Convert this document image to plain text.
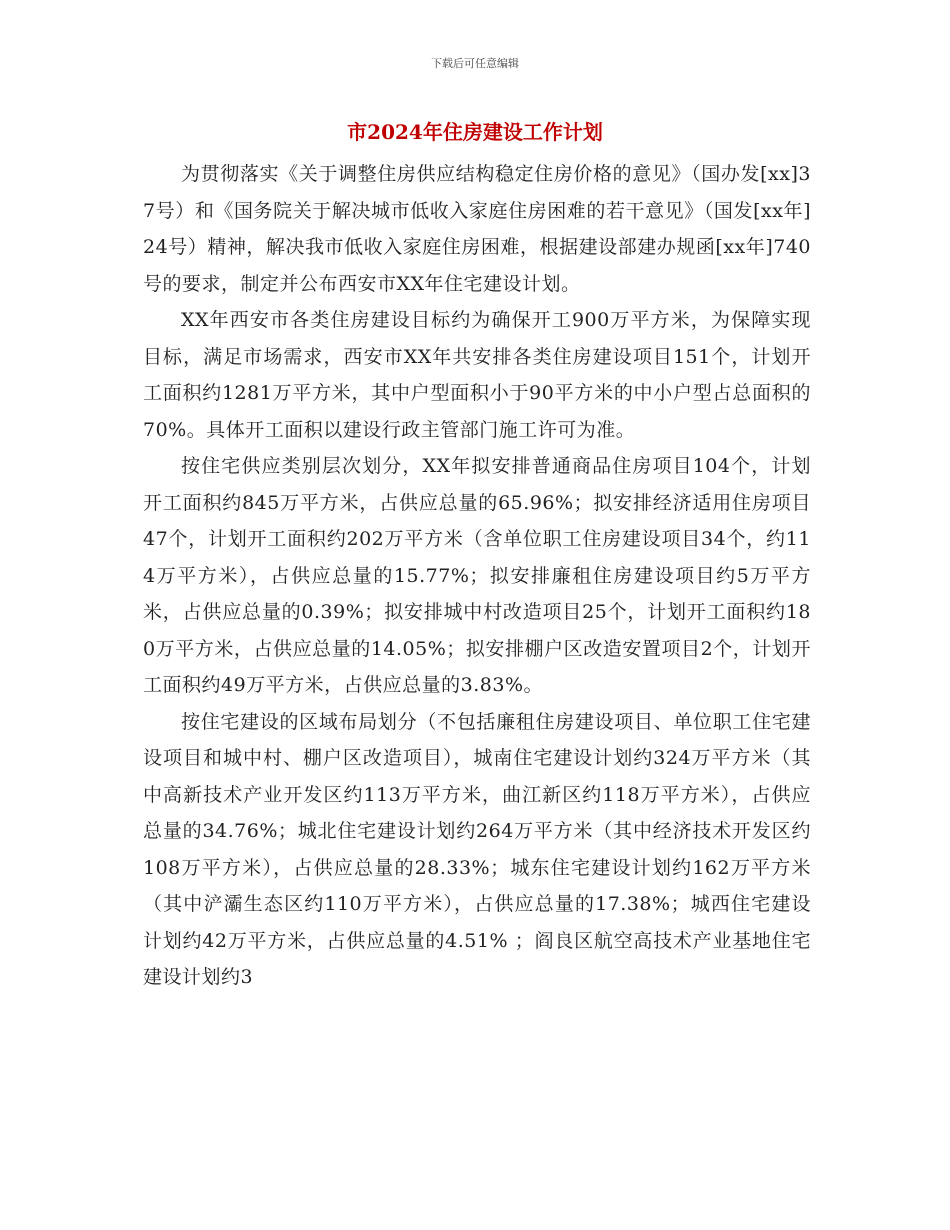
下载后可任意编辑
市2024年住房建设工作计划

为贯彻落实《关于调整住房供应结构稳定住房价格的意见》（国办发[xx]37号）和《国务院关于解决城市低收入家庭住房困难的若干意见》（国发[xx年]24号）精神，解决我市低收入家庭住房困难，根据建设部建办规函[xx年]740号的要求，制定并公布西安市XX年住宅建设计划。

XX年西安市各类住房建设目标约为确保开工900万平方米，为保障实现目标，满足市场需求，西安市XX年共安排各类住房建设项目151个，计划开工面积约1281万平方米，其中户型面积小于90平方米的中小户型占总面积的70%。具体开工面积以建设行政主管部门施工许可为准。

按住宅供应类别层次划分，XX年拟安排普通商品住房项目104个，计划开工面积约845万平方米，占供应总量的65.96%；拟安排经济适用住房项目47个，计划开工面积约202万平方米（含单位职工住房建设项目34个，约114万平方米），占供应总量的15.77%；拟安排廉租住房建设项目约5万平方米，占供应总量的0.39%；拟安排城中村改造项目25个，计划开工面积约180万平方米，占供应总量的14.05%；拟安排棚户区改造安置项目2个，计划开工面积约49万平方米，占供应总量的3.83%。

按住宅建设的区域布局划分（不包括廉租住房建设项目、单位职工住宅建设项目和城中村、棚户区改造项目），城南住宅建设计划约324万平方米（其中高新技术产业开发区约113万平方米，曲江新区约118万平方米），占供应总量的34.76%；城北住宅建设计划约264万平方米（其中经济技术开发区约108万平方米），占供应总量的28.33%；城东住宅建设计划约162万平方米（其中浐灞生态区约110万平方米），占供应总量的17.38%；城西住宅建设计划约42万平方米，占供应总量的4.51% ；阎良区航空高技术产业基地住宅建设计划约3
